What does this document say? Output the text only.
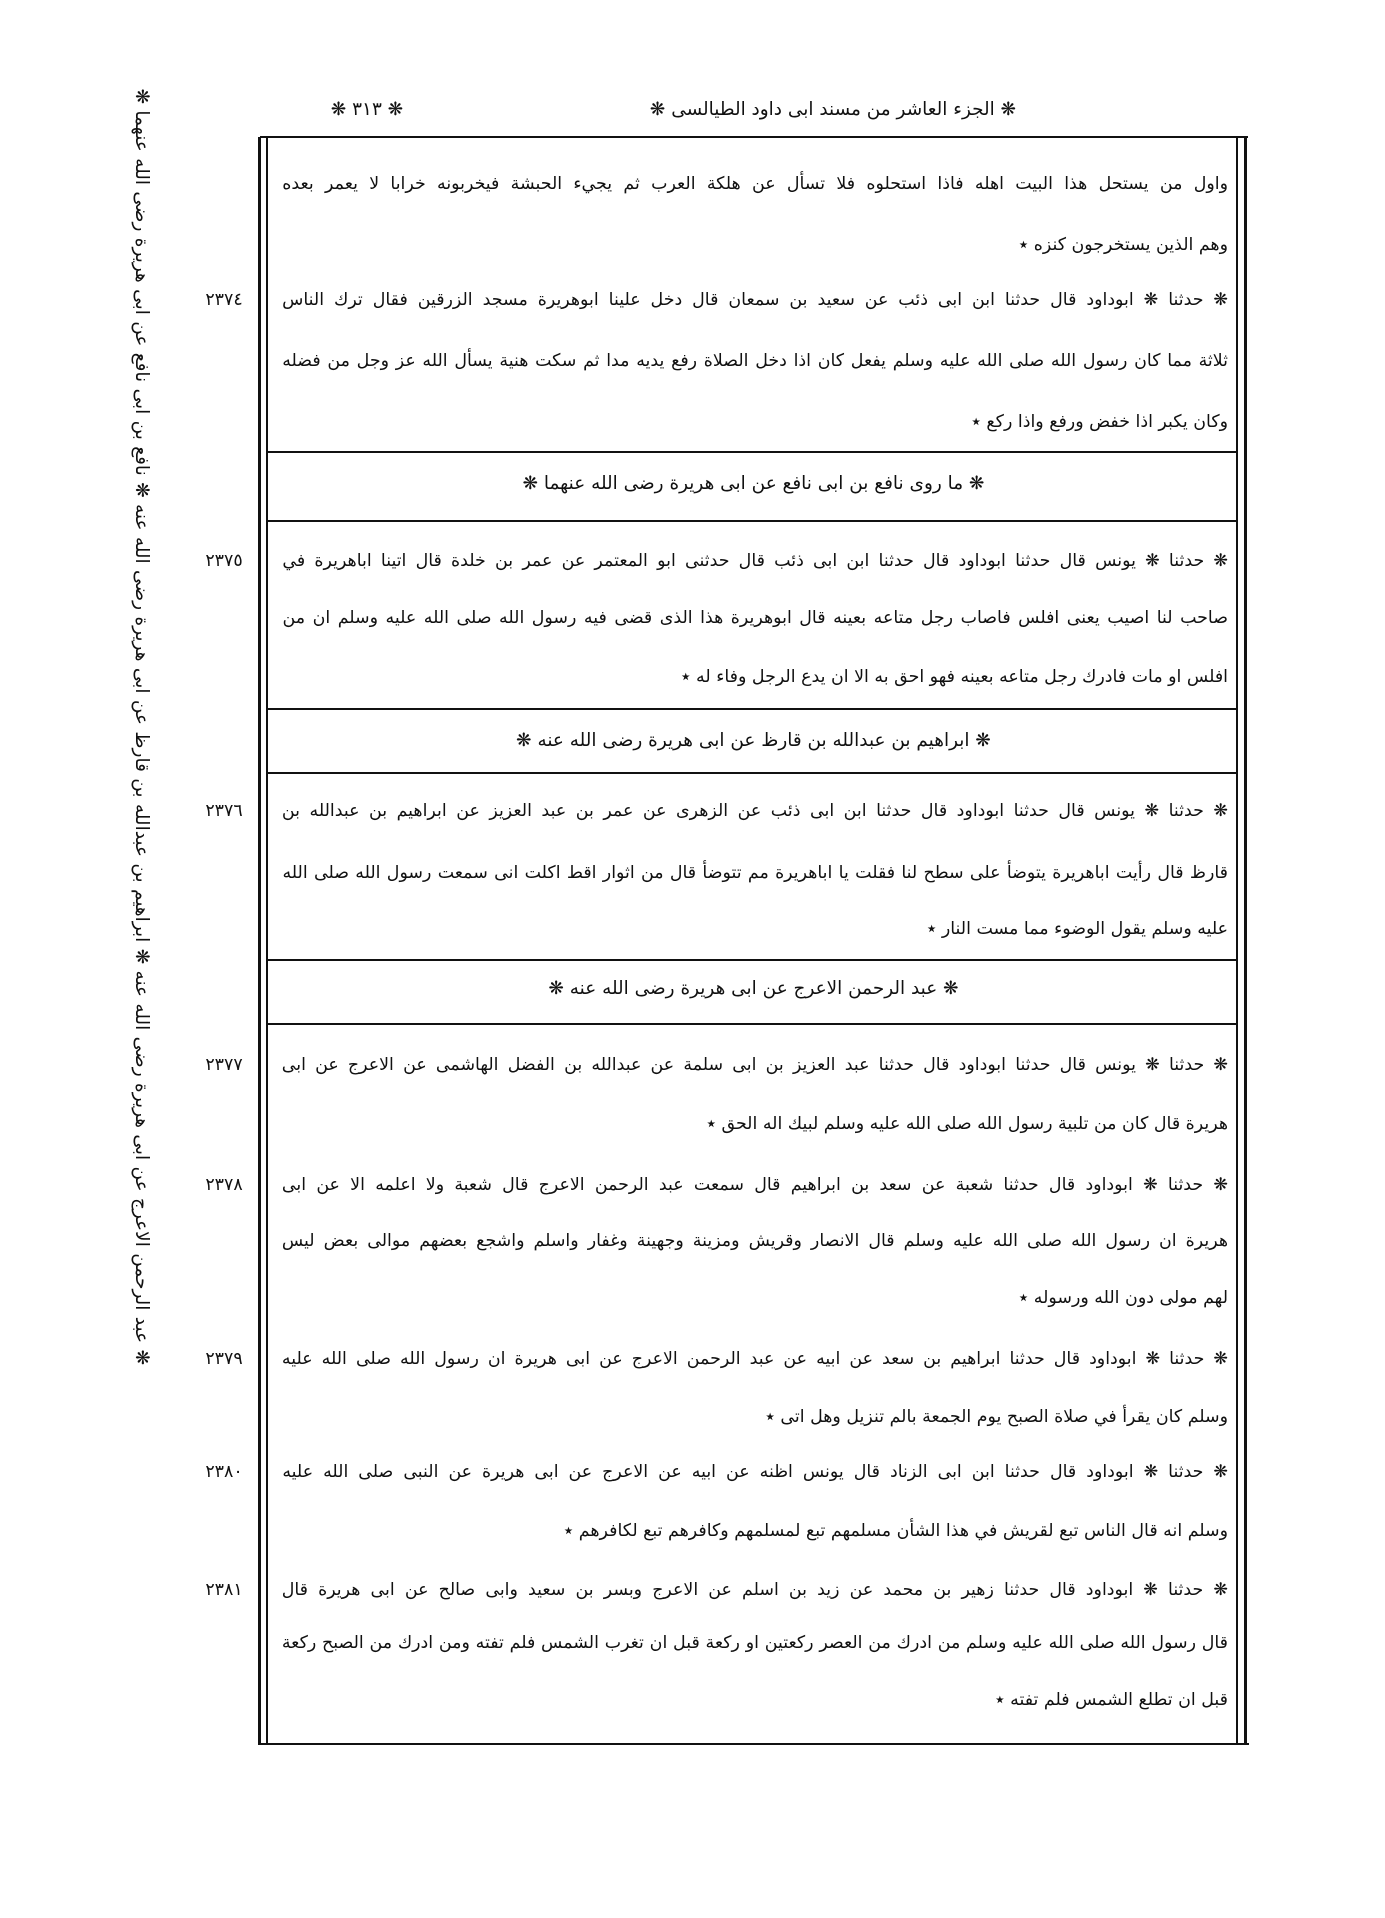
❋ ٣١٣ ❋	❋ الجزء العاشر من مسند ابى داود الطيالسى ❋
❋ عبد الرحمن الاعرج عن ابى هريرة رضى الله عنه ❋ ابراهيم بن عبدالله بن قارظ عن ابى هريرة رضى الله عنه ❋ نافع بن ابى نافع عن ابى هريرة رضى الله عنهما ❋	❋ ما روى نافع بن ابى نافع عن ابى هريرة رضى الله عنهما ❋
❋ ابراهيم بن عبدالله بن قارظ عن ابى هريرة رضى الله عنه ❋
❋ عبد الرحمن الاعرج عن ابى هريرة رضى الله عنه ❋
٢٣٧٤
٢٣٧٥
٢٣٧٦
٢٣٧٧
٢٣٧٨
٢٣٧٩
٢٣٨٠
٢٣٨١
واول من يستحل هذا البيت اهله فاذا استحلوه فلا تسأل عن هلكة العرب ثم يجيء الحبشة فيخربونه خرابا لا يعمر بعده
وهم الذين يستخرجون كنزه ٭
❋ حدثنا ❋ ابوداود قال حدثنا ابن ابى ذئب عن سعيد بن سمعان قال دخل علينا ابوهريرة مسجد الزرقين فقال ترك الناس
ثلاثة مما كان رسول الله صلى الله عليه وسلم يفعل كان اذا دخل الصلاة رفع يديه مدا ثم سكت هنية يسأل الله عز وجل من فضله
وكان يكبر اذا خفض ورفع واذا ركع ٭
❋ حدثنا ❋ يونس قال حدثنا ابوداود قال حدثنا ابن ابى ذئب قال حدثنى ابو المعتمر عن عمر بن خلدة قال اتينا اباهريرة في
صاحب لنا اصيب يعنى افلس فاصاب رجل متاعه بعينه قال ابوهريرة هذا الذى قضى فيه رسول الله صلى الله عليه وسلم ان من
افلس او مات فادرك رجل متاعه بعينه فهو احق به الا ان يدع الرجل وفاء له ٭
❋ حدثنا ❋ يونس قال حدثنا ابوداود قال حدثنا ابن ابى ذئب عن الزهرى عن عمر بن عبد العزيز عن ابراهيم بن عبدالله بن
قارظ قال رأيت اباهريرة يتوضأ على سطح لنا فقلت يا اباهريرة مم تتوضأ قال من اثوار اقط اكلت انى سمعت رسول الله صلى الله
عليه وسلم يقول الوضوء مما مست النار ٭
❋ حدثنا ❋ يونس قال حدثنا ابوداود قال حدثنا عبد العزيز بن ابى سلمة عن عبدالله بن الفضل الهاشمى عن الاعرج عن ابى
هريرة قال كان من تلبية رسول الله صلى الله عليه وسلم لبيك اله الحق ٭
❋ حدثنا ❋ ابوداود قال حدثنا شعبة عن سعد بن ابراهيم قال سمعت عبد الرحمن الاعرج قال شعبة ولا اعلمه الا عن ابى
هريرة ان رسول الله صلى الله عليه وسلم قال الانصار وقريش ومزينة وجهينة وغفار واسلم واشجع بعضهم موالى بعض ليس
لهم مولى دون الله ورسوله ٭
❋ حدثنا ❋ ابوداود قال حدثنا ابراهيم بن سعد عن ابيه عن عبد الرحمن الاعرج عن ابى هريرة ان رسول الله صلى الله عليه
وسلم كان يقرأ في صلاة الصبح يوم الجمعة بالم تنزيل وهل اتى ٭
❋ حدثنا ❋ ابوداود قال حدثنا ابن ابى الزناد قال يونس اظنه عن ابيه عن الاعرج عن ابى هريرة عن النبى صلى الله عليه
وسلم انه قال الناس تبع لقريش في هذا الشأن مسلمهم تبع لمسلمهم وكافرهم تبع لكافرهم ٭
❋ حدثنا ❋ ابوداود قال حدثنا زهير بن محمد عن زيد بن اسلم عن الاعرج وبسر بن سعيد وابى صالح عن ابى هريرة قال
قال رسول الله صلى الله عليه وسلم من ادرك من العصر ركعتين او ركعة قبل ان تغرب الشمس فلم تفته ومن ادرك من الصبح ركعة
قبل ان تطلع الشمس فلم تفته ٭
